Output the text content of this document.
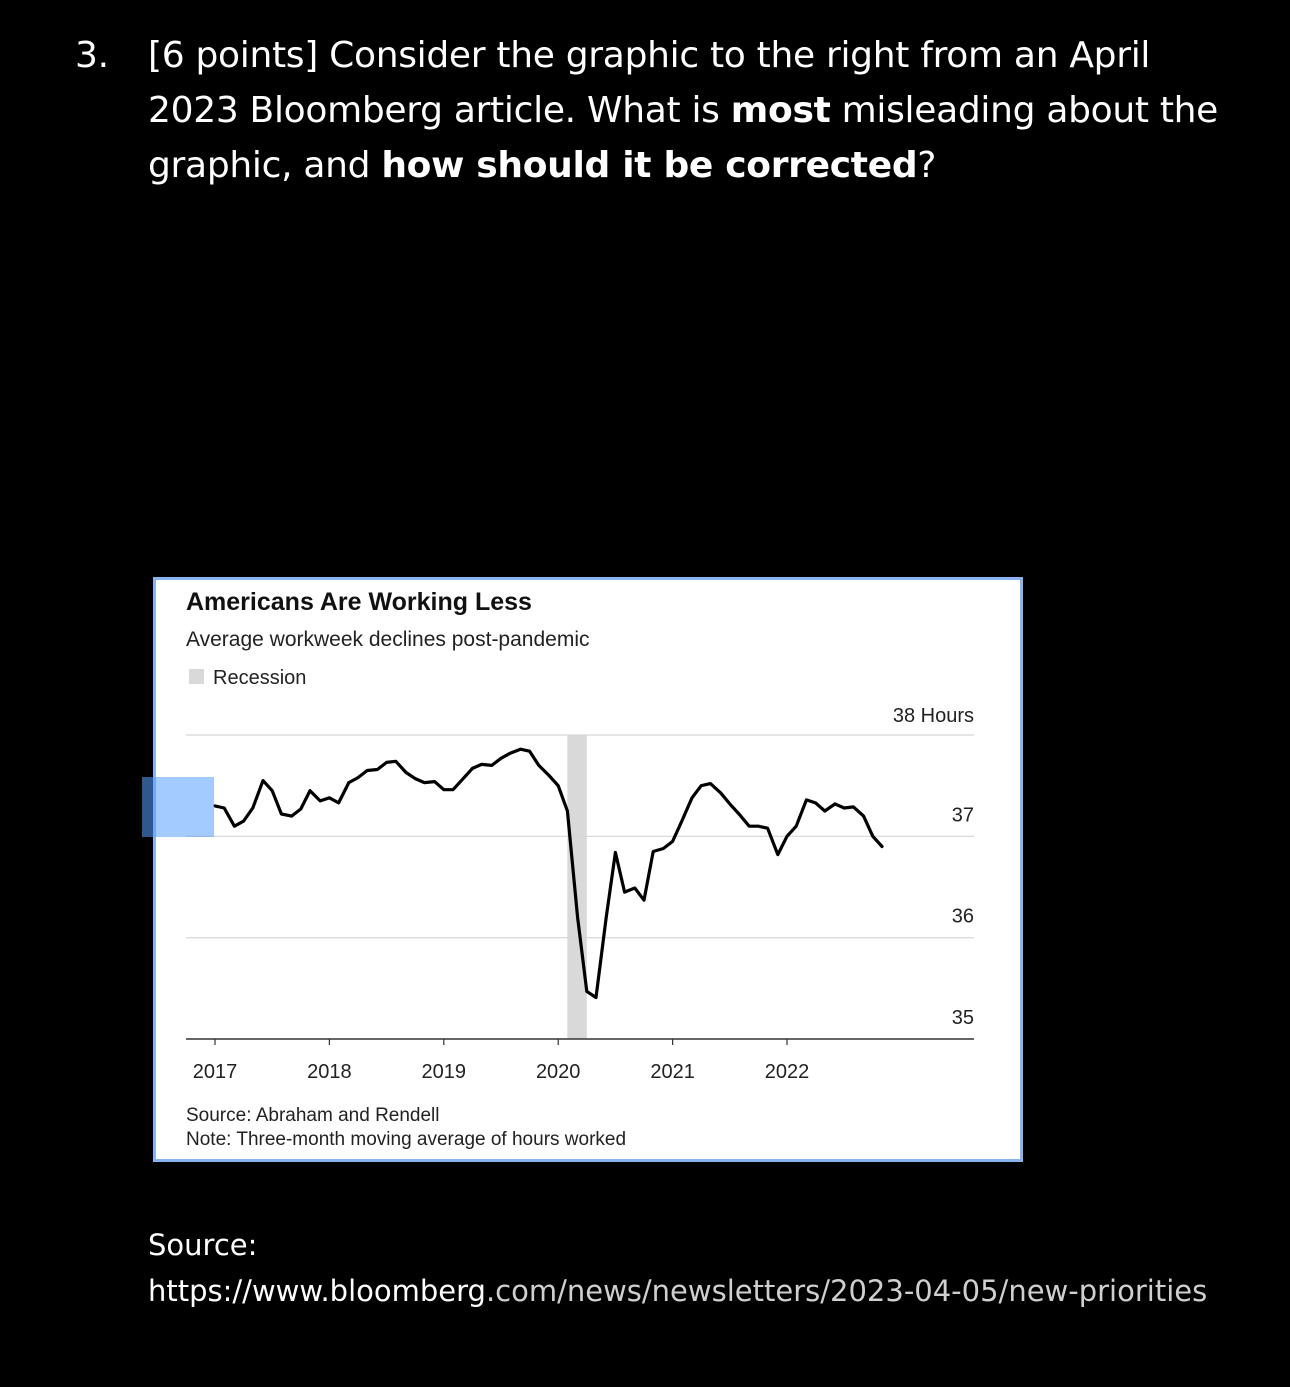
3. [6 points] Consider the graphic to the right from an April 2023 Bloomberg article. What is most misleading about the graphic, and how should it be corrected?
Americans Are Working Less
Average workweek declines post-pandemic
Recession
38 Hours
37
36
35
2017	2018	2019	2020	2021	2022
Source: Abraham and Rendell
Note: Three-month moving average of hours worked
Source:
https://www.bloomberg.com/news/newsletters/2023-04-05/new-priorities
